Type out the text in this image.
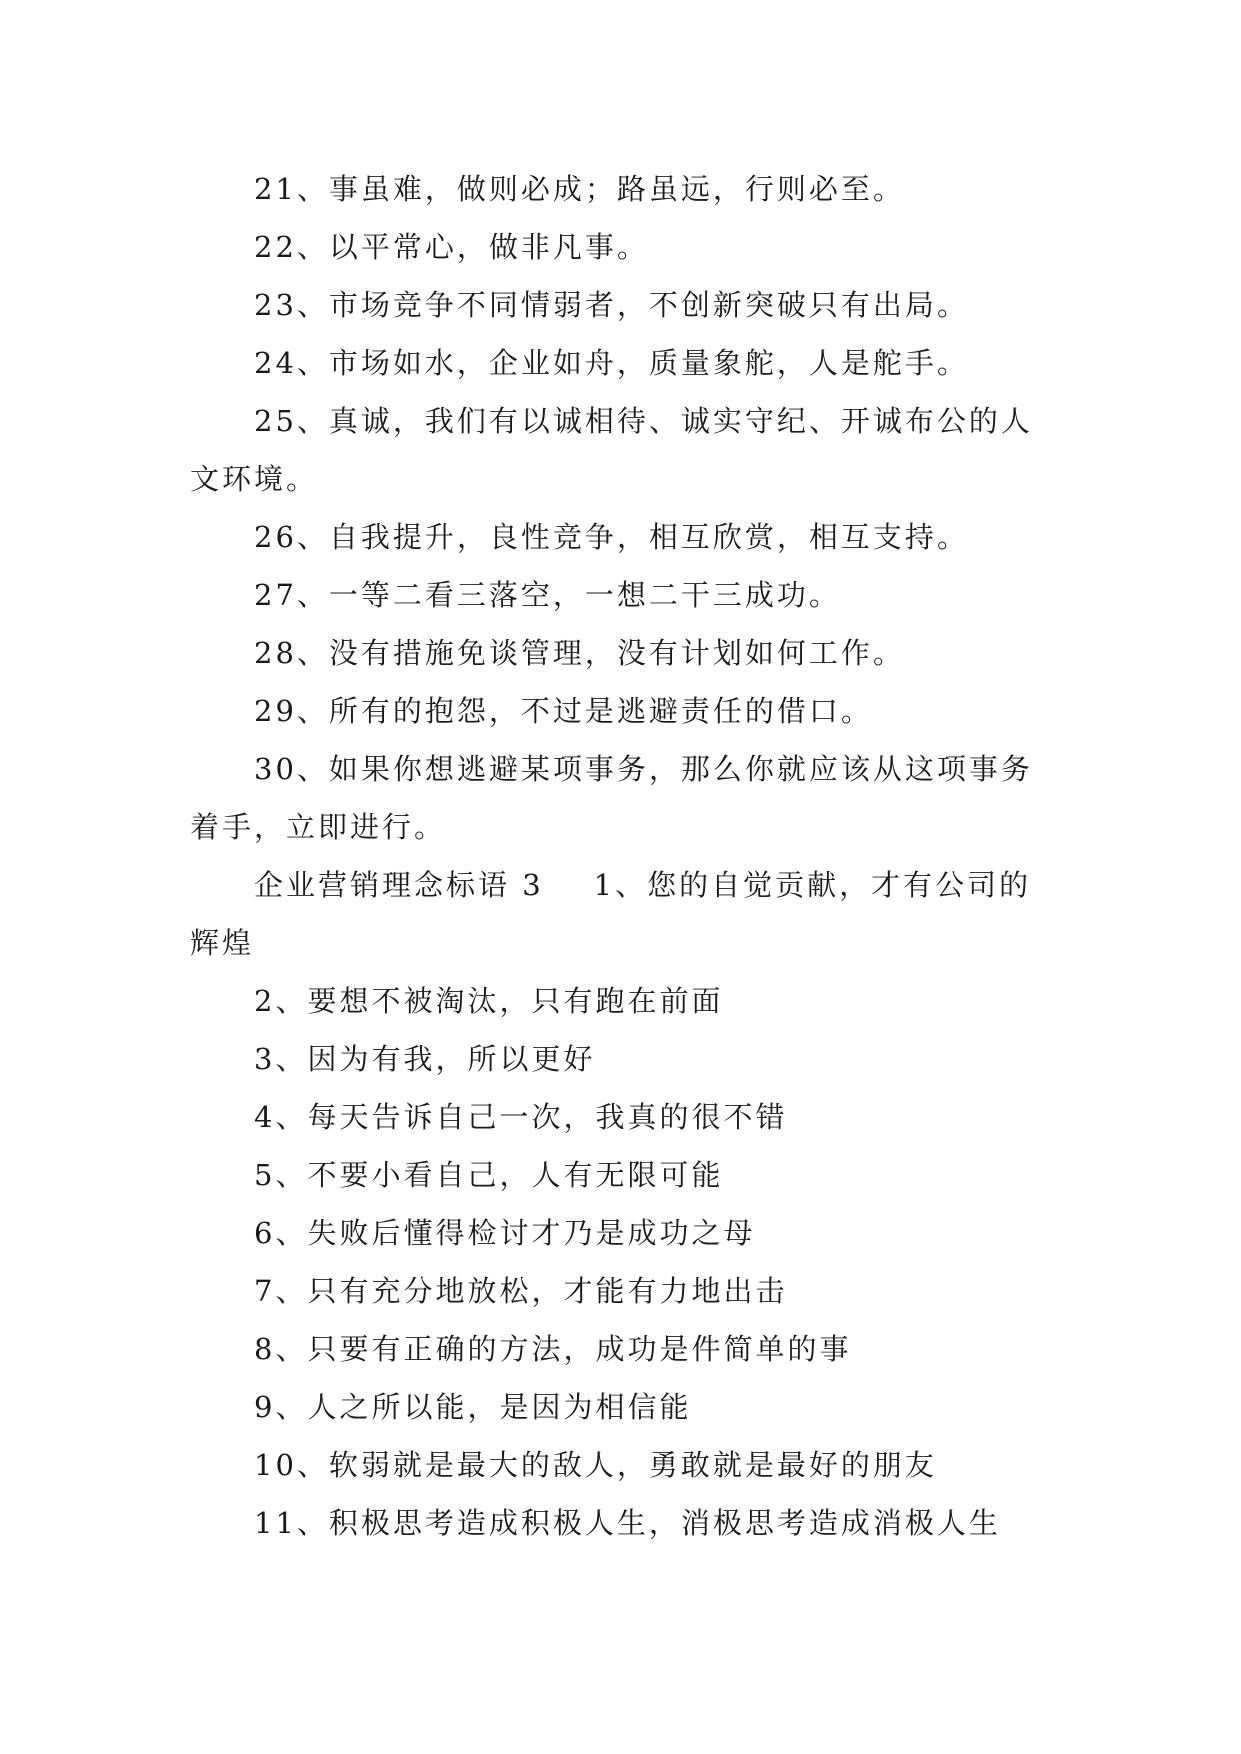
21、事虽难，做则必成；路虽远，行则必至。

22、以平常心，做非凡事。

23、市场竞争不同情弱者，不创新突破只有出局。

24、市场如水，企业如舟，质量象舵，人是舵手。

25、真诚，我们有以诚相待、诚实守纪、开诚布公的人文环境。

26、自我提升，良性竞争，相互欣赏，相互支持。

27、一等二看三落空，一想二干三成功。

28、没有措施免谈管理，没有计划如何工作。

29、所有的抱怨，不过是逃避责任的借口。

30、如果你想逃避某项事务，那么你就应该从这项事务着手，立即进行。

企业营销理念标语 3 1、您的自觉贡献，才有公司的辉煌

2、要想不被淘汰，只有跑在前面

3、因为有我，所以更好

4、每天告诉自己一次，我真的很不错

5、不要小看自己，人有无限可能

6、失败后懂得检讨才乃是成功之母

7、只有充分地放松，才能有力地出击

8、只要有正确的方法，成功是件简单的事

9、人之所以能，是因为相信能

10、软弱就是最大的敌人，勇敢就是最好的朋友

11、积极思考造成积极人生，消极思考造成消极人生
